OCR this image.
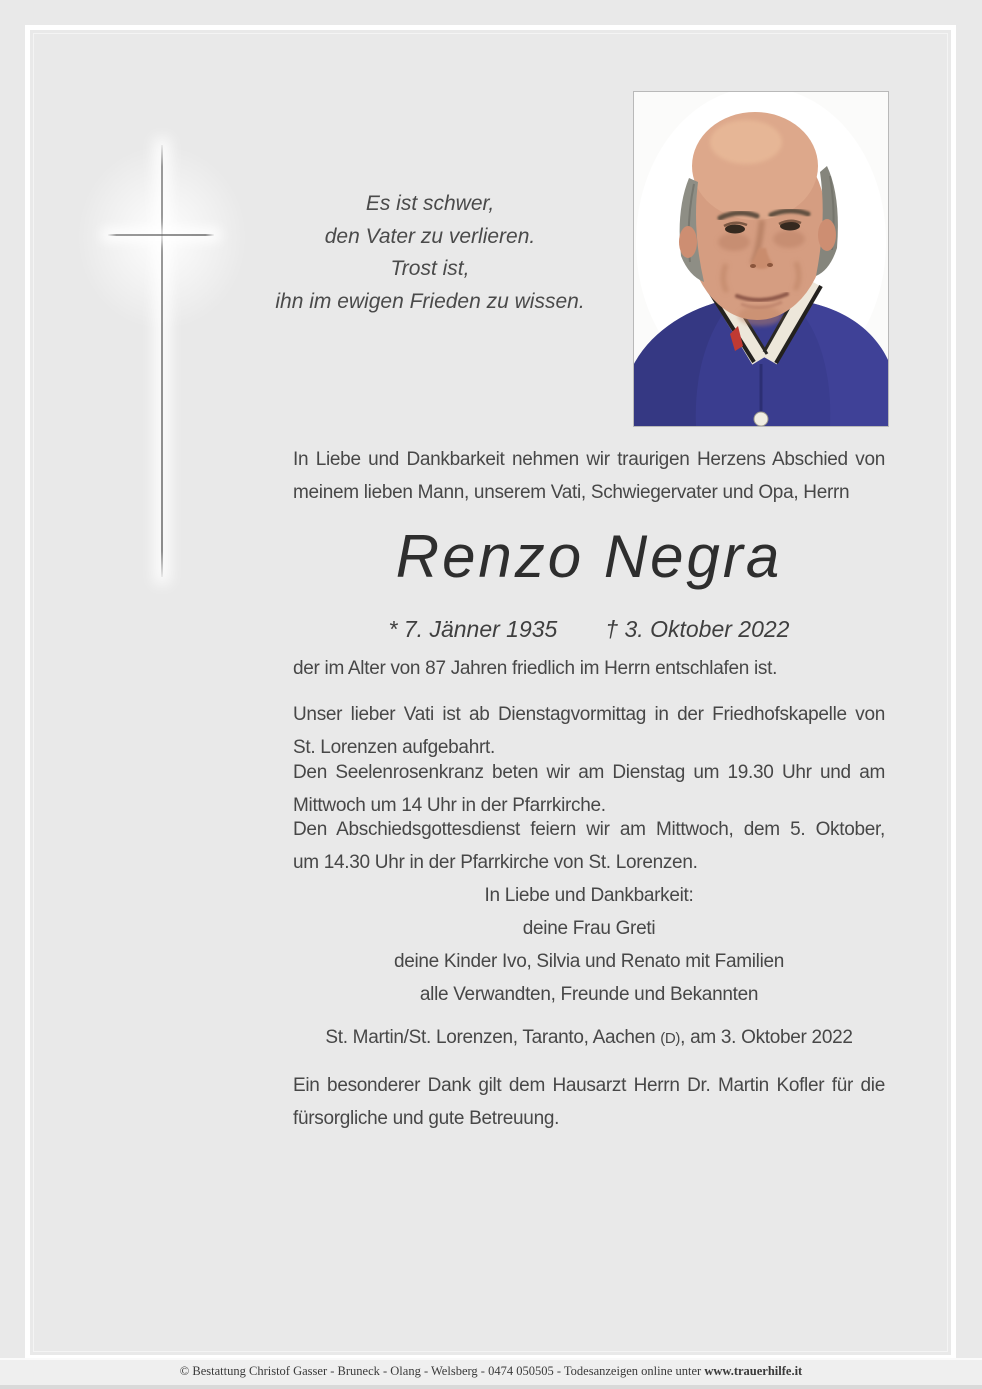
Es ist schwer,
den Vater zu verlieren.
Trost ist,
ihn im ewigen Frieden zu wissen.
In Liebe und Dankbarkeit nehmen wir traurigen Herzens Abschied von
meinem lieben Mann, unserem Vati, Schwiegervater und Opa, Herrn
Renzo Negra
* 7. Jänner 1935 † 3. Oktober 2022
der im Alter von 87 Jahren friedlich im Herrn entschlafen ist.
Unser lieber Vati ist ab Dienstagvormittag in der Friedhofskapelle von
St. Lorenzen aufgebahrt.
Den Seelenrosenkranz beten wir am Dienstag um 19.30 Uhr und am
Mittwoch um 14 Uhr in der Pfarrkirche.
Den Abschiedsgottesdienst feiern wir am Mittwoch, dem 5. Oktober,
um 14.30 Uhr in der Pfarrkirche von St. Lorenzen.
In Liebe und Dankbarkeit:
deine Frau Greti
deine Kinder Ivo, Silvia und Renato mit Familien
alle Verwandten, Freunde und Bekannten
St. Martin/St. Lorenzen, Taranto, Aachen (D), am 3. Oktober 2022
Ein besonderer Dank gilt dem Hausarzt Herrn Dr. Martin Kofler für die
fürsorgliche und gute Betreuung.
© Bestattung Christof Gasser - Bruneck - Olang - Welsberg - 0474 050505 - Todesanzeigen online unter www.trauerhilfe.it
